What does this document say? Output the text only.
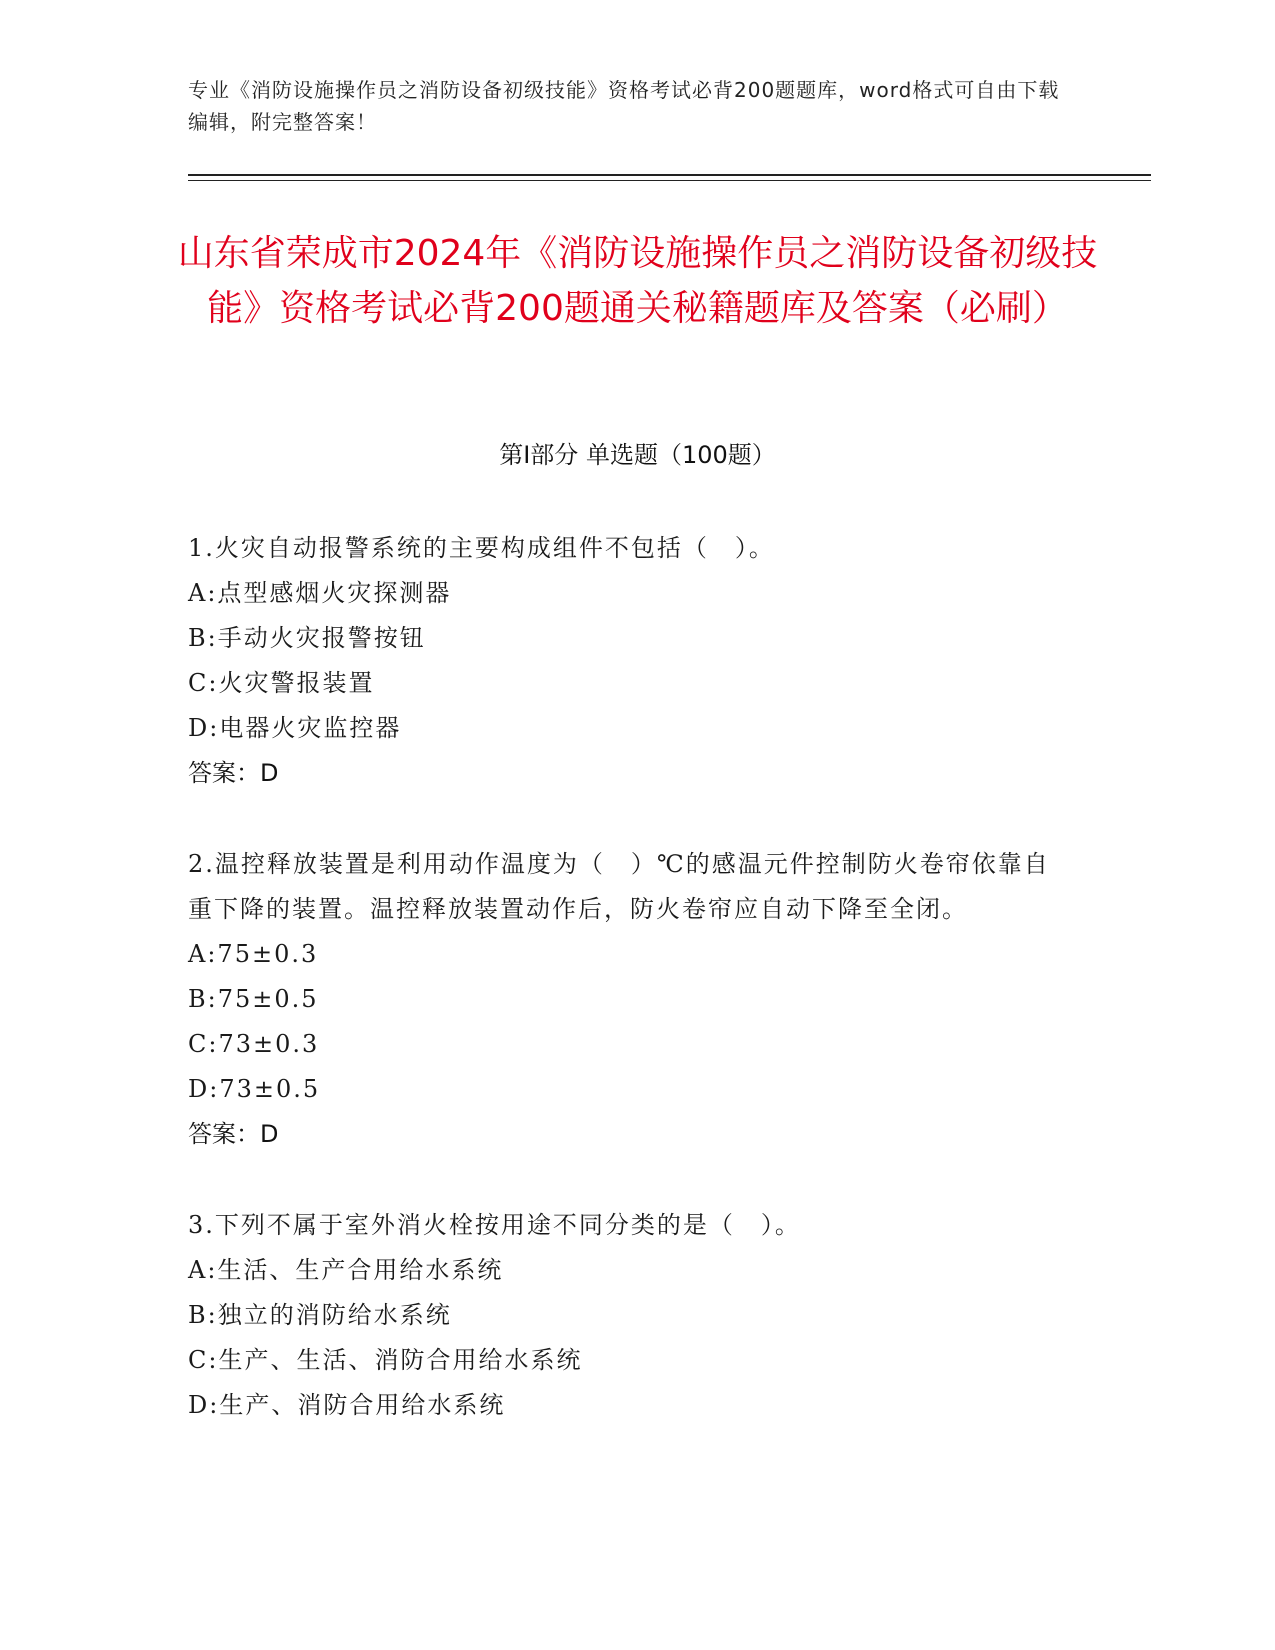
专业《消防设施操作员之消防设备初级技能》资格考试必背200题题库，word格式可自由下载编辑，附完整答案！
山东省荣成市2024年《消防设施操作员之消防设备初级技能》资格考试必背200题通关秘籍题库及答案（必刷）
第Ⅰ部分 单选题（100题）

1.火灾自动报警系统的主要构成组件不包括（　）。

A:点型感烟火灾探测器

B:手动火灾报警按钮

C:火灾警报装置

D:电器火灾监控器

答案：D

2.温控释放装置是利用动作温度为（　）℃的感温元件控制防火卷帘依靠自重下降的装置。温控释放装置动作后，防火卷帘应自动下降至全闭。

A:75±0.3

B:75±0.5

C:73±0.3

D:73±0.5

答案：D

3.下列不属于室外消火栓按用途不同分类的是（　）。

A:生活、生产合用给水系统

B:独立的消防给水系统

C:生产、生活、消防合用给水系统

D:生产、消防合用给水系统
